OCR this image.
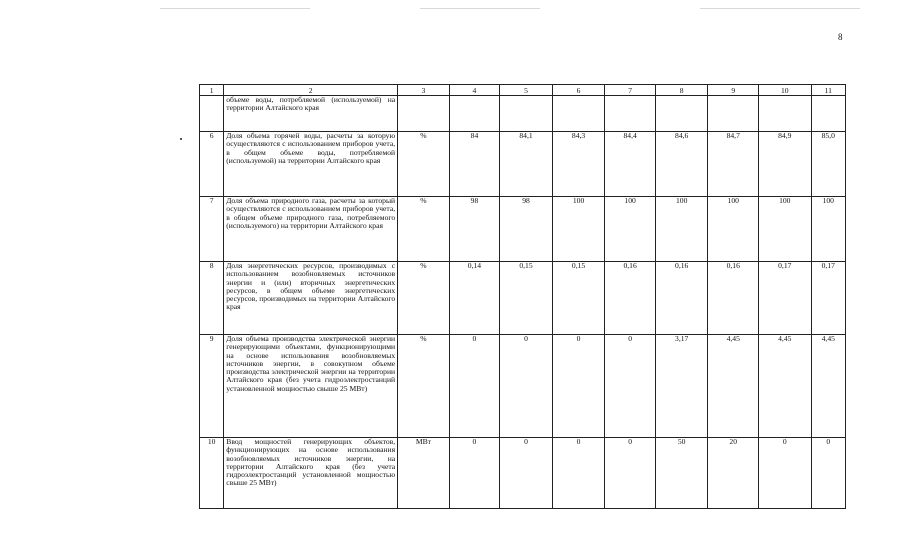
8
1	2	3	4	5	6	7	8	9	10	11
	объеме воды, потребляемой (используемой) на территории Алтайского края									
6	Доля объема горячей воды, расчеты за которую осуществляются с использованием приборов учета, в общем объеме воды, потребляемой (используемой) на территории Алтайского края	%	84	84,1	84,3	84,4	84,6	84,7	84,9	85,0
7	Доля объема природного газа, расчеты за который осуществляются с использованием приборов учета, в общем объеме природного газа, потребляемого (используемого) на территории Алтайского края	%	98	98	100	100	100	100	100	100
8	Доля энергетических ресурсов, производимых с использованием возобновляемых источников энергии и (или) вторичных энергетических ресурсов, в общем объеме энергетических ресурсов, производимых на территории Алтайского края	%	0,14	0,15	0,15	0,16	0,16	0,16	0,17	0,17
9	Доля объема производства электрической энергии генерирующими объектами, функционирующими на основе использования возобновляемых источников энергии, в совокупном объеме производства электрической энергии на территории Алтайского края (без учета гидроэлектростанций установленной мощностью свыше 25 МВт)	%	0	0	0	0	3,17	4,45	4,45	4,45
10	Ввод мощностей генерирующих объектов, функционирующих на основе использования возобновляемых источников энергии, на территории Алтайского края (без учета гидроэлектростанций установленной мощностью свыше 25 МВт)	МВт	0	0	0	0	50	20	0	0
